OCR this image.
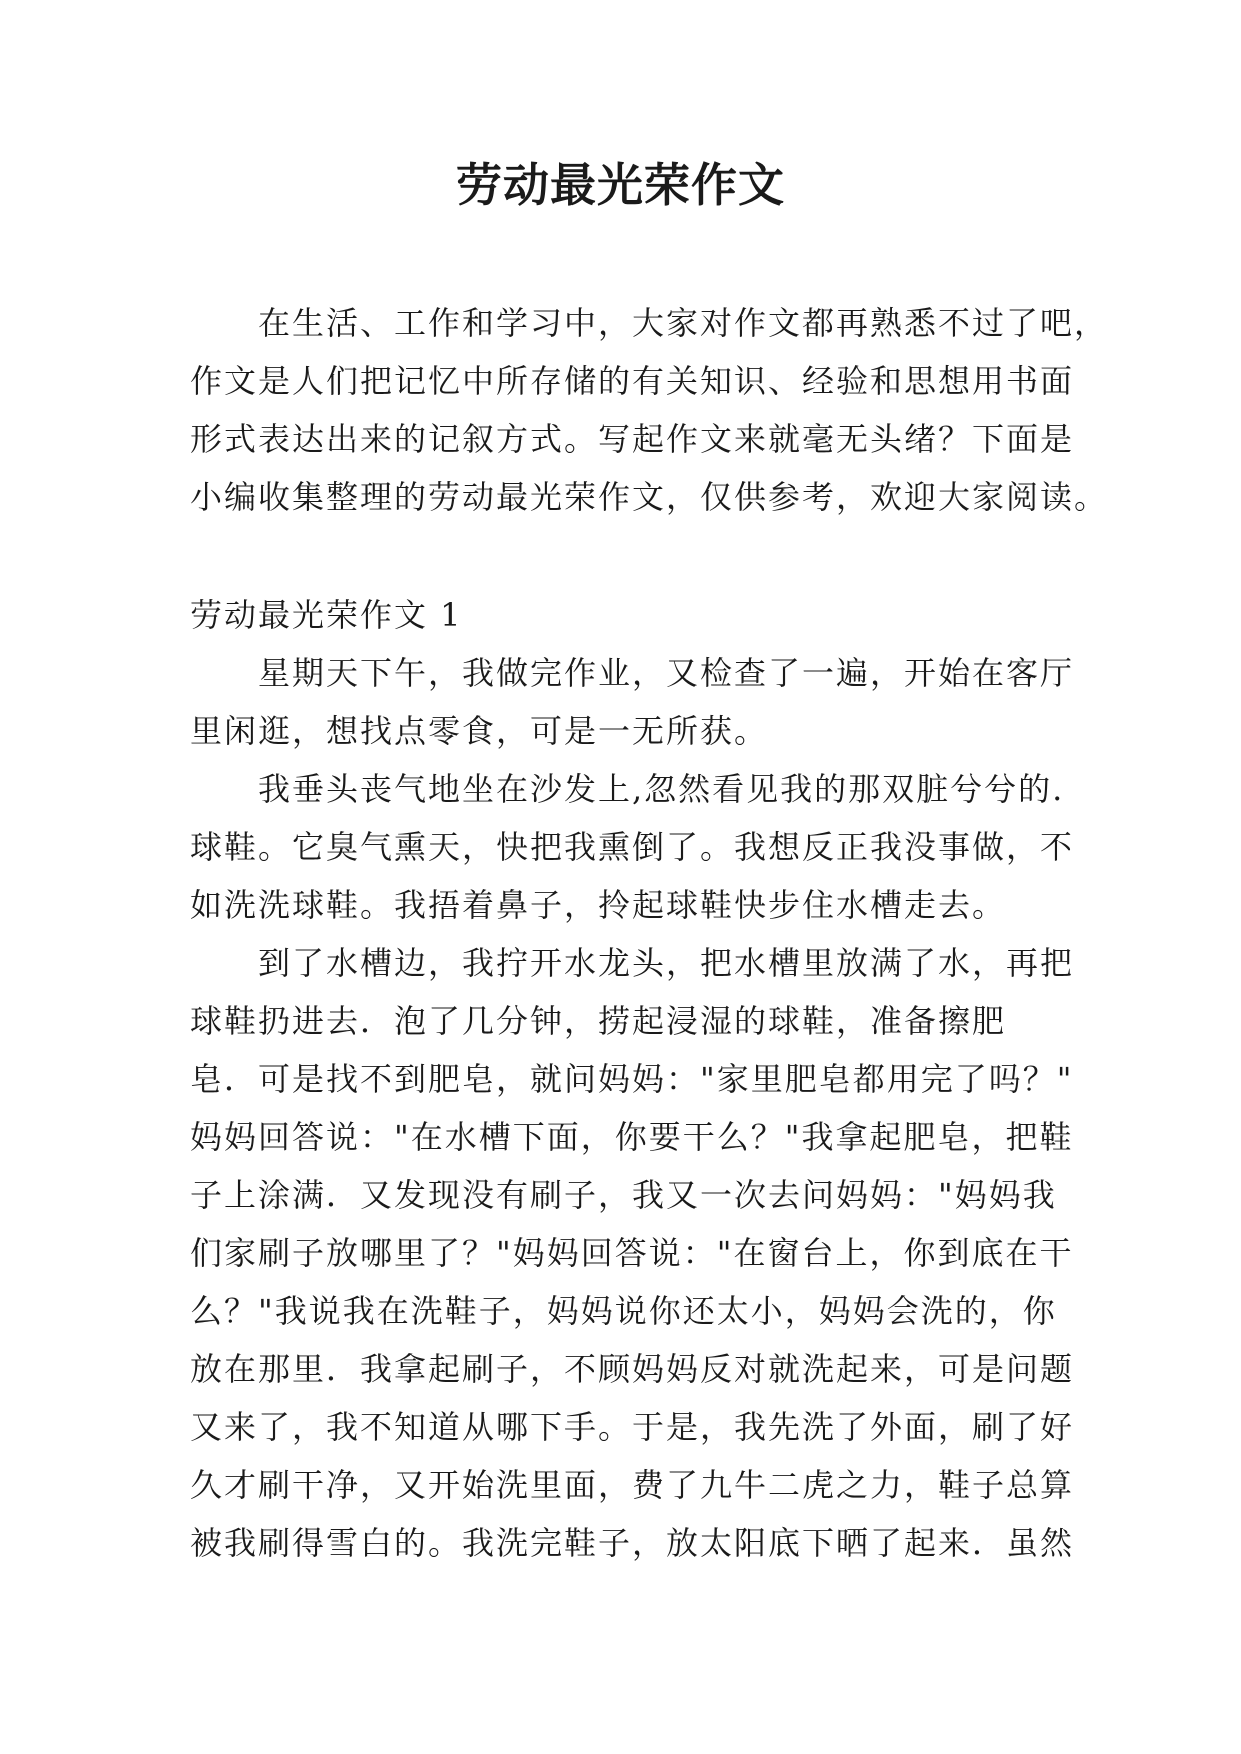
劳动最光荣作文
在生活、工作和学习中，大家对作文都再熟悉不过了吧，
作文是人们把记忆中所存储的有关知识、经验和思想用书面
形式表达出来的记叙方式。写起作文来就毫无头绪？下面是
小编收集整理的劳动最光荣作文，仅供参考，欢迎大家阅读。
劳动最光荣作文 1
星期天下午，我做完作业，又检查了一遍，开始在客厅
里闲逛，想找点零食，可是一无所获。
我垂头丧气地坐在沙发上,忽然看见我的那双脏兮兮的.
球鞋。它臭气熏天，快把我熏倒了。我想反正我没事做，不
如洗洗球鞋。我捂着鼻子，拎起球鞋快步住水槽走去。
到了水槽边，我拧开水龙头，把水槽里放满了水，再把
球鞋扔进去．泡了几分钟，捞起浸湿的球鞋，准备擦肥
皂．可是找不到肥皂，就问妈妈："家里肥皂都用完了吗？"
妈妈回答说："在水槽下面，你要干么？"我拿起肥皂，把鞋
子上涂满．又发现没有刷子，我又一次去问妈妈："妈妈我
们家刷子放哪里了？"妈妈回答说："在窗台上，你到底在干
么？"我说我在洗鞋子，妈妈说你还太小，妈妈会洗的，你
放在那里．我拿起刷子，不顾妈妈反对就洗起来，可是问题
又来了，我不知道从哪下手。于是，我先洗了外面，刷了好
久才刷干净，又开始洗里面，费了九牛二虎之力，鞋子总算
被我刷得雪白的。我洗完鞋子，放太阳底下晒了起来．虽然
